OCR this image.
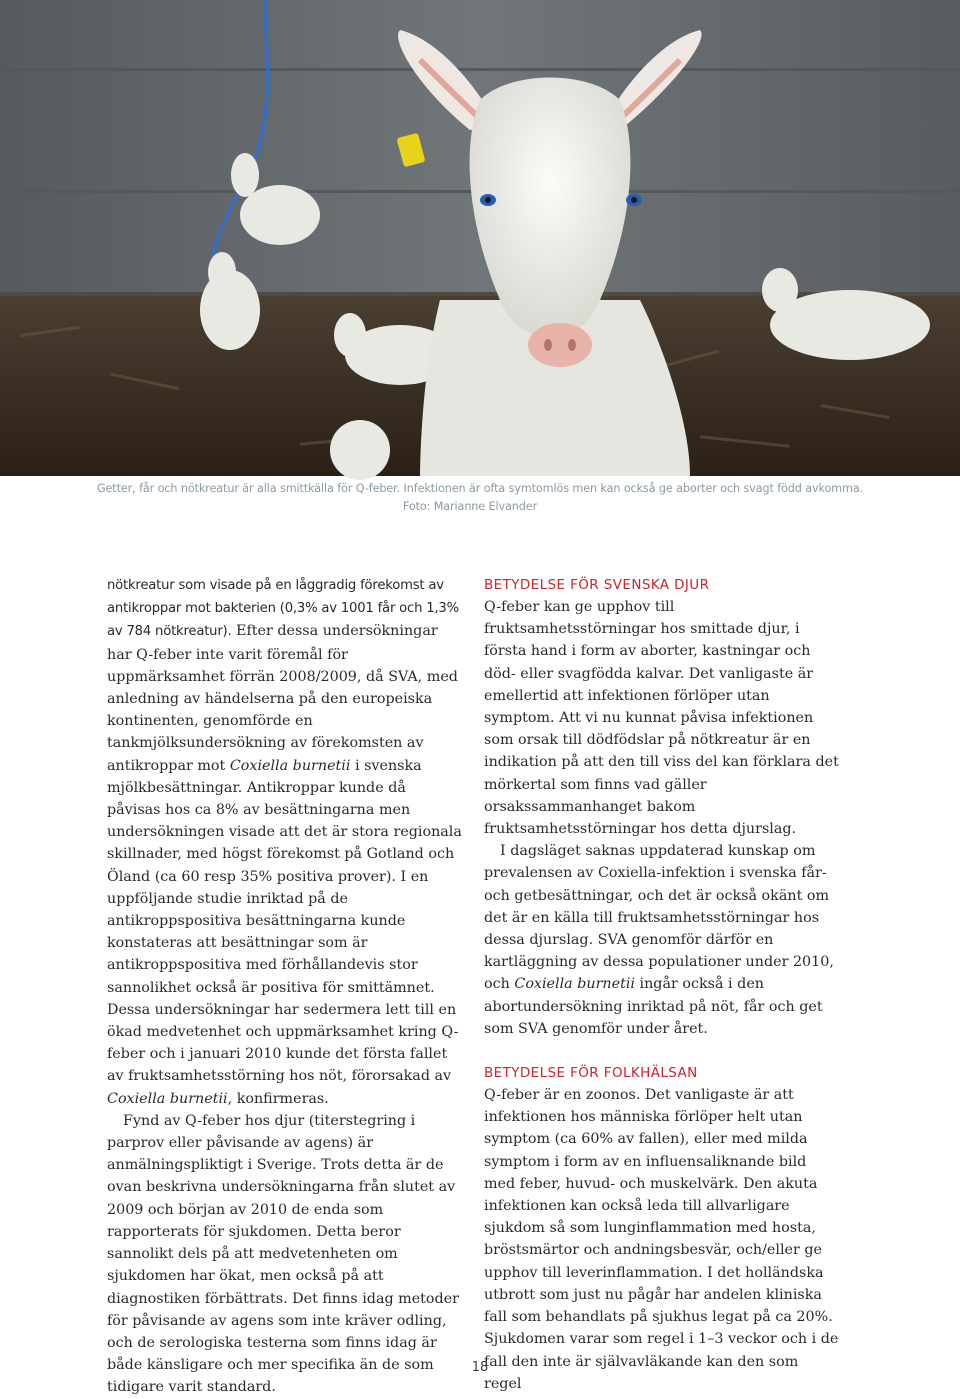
Getter, får och nötkreatur är alla smittkälla för Q-feber. Infektionen är ofta symtomlös men kan också ge aborter och svagt född avkomma.
Foto: Marianne Elvander

nötkreatur som visade på en låggradig förekomst av antikroppar mot bakterien (0,3% av 1001 får och 1,3% av 784 nötkreatur). Efter dessa undersökningar har Q-feber inte varit föremål för uppmärksamhet förrän 2008/2009, då SVA, med anledning av händelserna på den europeiska kontinenten, genomförde en tankmjölksundersökning av förekomsten av antikroppar mot Coxiella burnetii i svenska mjölkbesättningar. Antikroppar kunde då påvisas hos ca 8% av besättningarna men undersökningen visade att det är stora regionala skillnader, med högst förekomst på Gotland och Öland (ca 60 resp 35% positiva prover). I en uppföljande studie inriktad på de antikroppspositiva besättningarna kunde konstateras att besättningar som är antikroppspositiva med förhållandevis stor sannolikhet också är positiva för smittämnet. Dessa undersökningar har sedermera lett till en ökad medvetenhet och uppmärksamhet kring Q-feber och i januari 2010 kunde det första fallet av fruktsamhetsstörning hos nöt, förorsakad av Coxiella burnetii, konfirmeras.

Fynd av Q-feber hos djur (titerstegring i parprov eller påvisande av agens) är anmälningspliktigt i Sverige. Trots detta är de ovan beskrivna undersökningarna från slutet av 2009 och början av 2010 de enda som rapporterats för sjukdomen. Detta beror sannolikt dels på att medvetenheten om sjukdomen har ökat, men också på att diagnostiken förbättrats. Det finns idag metoder för påvisande av agens som inte kräver odling, och de serologiska testerna som finns idag är både känsligare och mer specifika än de som tidigare varit standard.

BETYDELSE FÖR SVENSKA DJUR

Q-feber kan ge upphov till fruktsamhetsstörningar hos smittade djur, i första hand i form av aborter, kastningar och död- eller svagfödda kalvar. Det vanligaste är emellertid att infektionen förlöper utan symptom. Att vi nu kunnat påvisa infektionen som orsak till dödfödslar på nötkreatur är en indikation på att den till viss del kan förklara det mörkertal som finns vad gäller orsakssammanhanget bakom fruktsamhetsstörningar hos detta djurslag.

I dagsläget saknas uppdaterad kunskap om prevalensen av Coxiella-infektion i svenska får- och getbesättningar, och det är också okänt om det är en källa till fruktsamhetsstörningar hos dessa djurslag. SVA genomför därför en kartläggning av dessa populationer under 2010, och Coxiella burnetii ingår också i den abortundersökning inriktad på nöt, får och get som SVA genomför under året.

BETYDELSE FÖR FOLKHÄLSAN

Q-feber är en zoonos. Det vanligaste är att infektionen hos människa förlöper helt utan symptom (ca 60% av fallen), eller med milda symptom i form av en influensaliknande bild med feber, huvud- och muskelvärk. Den akuta infektionen kan också leda till allvarligare sjukdom så som lunginflammation med hosta, bröstsmärtor och andningsbesvär, och/eller ge upphov till leverinflammation. I det holländska utbrott som just nu pågår har andelen kliniska fall som behandlats på sjukhus legat på ca 20%. Sjukdomen varar som regel i 1–3 veckor och i de fall den inte är självavläkande kan den som regel

18
